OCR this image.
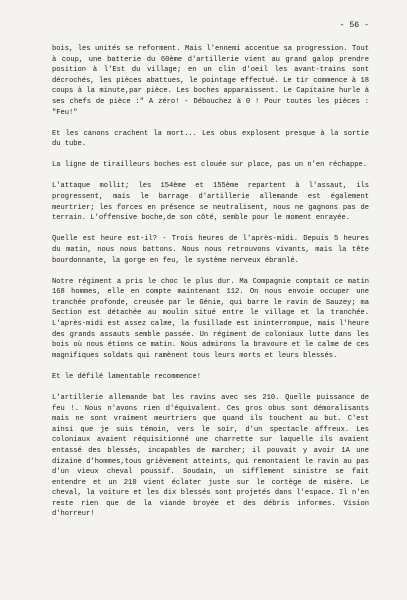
- 56 -

bois, les unités se reforment. Mais l'ennemi accentue sa progression. Tout à coup, une batterie du 60ème d'artillerie vient au grand galop prendre position à l'Est du village; en un clin d'oeil les avant-trains sont décrochés, les pièces abattues, le pointage effectué. Le tir commence à 18 coups à la minute,par pièce. Les boches apparaissent. Le Capitaine hurle à ses chefs de pièce :" A zéro! - Débouchez à 0 ! Pour toutes les pièces : "Feu!"

Et les canons crachent la mort... Les obus explosent presque à la sortie du tube.

La ligne de tirailleurs boches est clouée sur place, pas un n'en réchappe.

L'attaque mollit; les 154ème et 155ème repartent à l'assaut, ils progressent, mais le barrage d'artillerie allemande est également meurtrier; les forces en présence se neutralisent, nous ne gagnons pas de terrain. L'offensive boche,de son côté, semble pour le moment enrayée.

Quelle est heure est-il? - Trois heures de l'après-midi. Depuis 5 heures du matin, nous nous battons. Nous nous retrouvons vivants, mais la tête bourdonnante, la gorge en feu, le système nerveux ébranlé.

Notre régiment a pris le choc le plus dur. Ma Compagnie comptait ce matin 168 hommes, elle en compte maintenant 112. On nous envoie occuper une tranchée profonde, creusée par le Génie, qui barre le ravin de Sauzey; ma Section est détachée au moulin situé entre le village et la tranchée. L'après-midi est assez calme, la fusillade est ininterrompue, mais l'heure des grands assauts semble passée. Un régiment de coloniaux lutte dans les bois où nous étions ce matin. Nous admirons la bravoure et le calme de ces magnifiques soldats qui ramènent tous leurs morts et leurs blessés.

Et le défilé lamentable recommence!

L'artillerie allemande bat les ravins avec ses 210. Quelle puissance de feu !. Nous n'avons rien d'équivalent. Ces gros obus sont démoralisants mais ne sont vraiment meurtriers que quand ils touchent au but. C'est ainsi que je suis témoin, vers le soir, d'un spectacle affreux. Les coloniaux avaient réquisitionné une charrette sur laquelle ils avaient entassé des blessés, incapables de marcher; il pouvait y avoir 1A une dizaine d'hommes,tous grièvement atteints, qui remontaient le ravin au pas d'un vieux cheval poussif. Soudain, un sifflement sinistre se fait entendre et un 210 vient éclater juste sur le cortège de misère. Le cheval, la voiture et les dix blessés sont projetés dans l'espace. Il n'en reste rien que de la viande broyée et des débris informes. Vision d'horreur!
